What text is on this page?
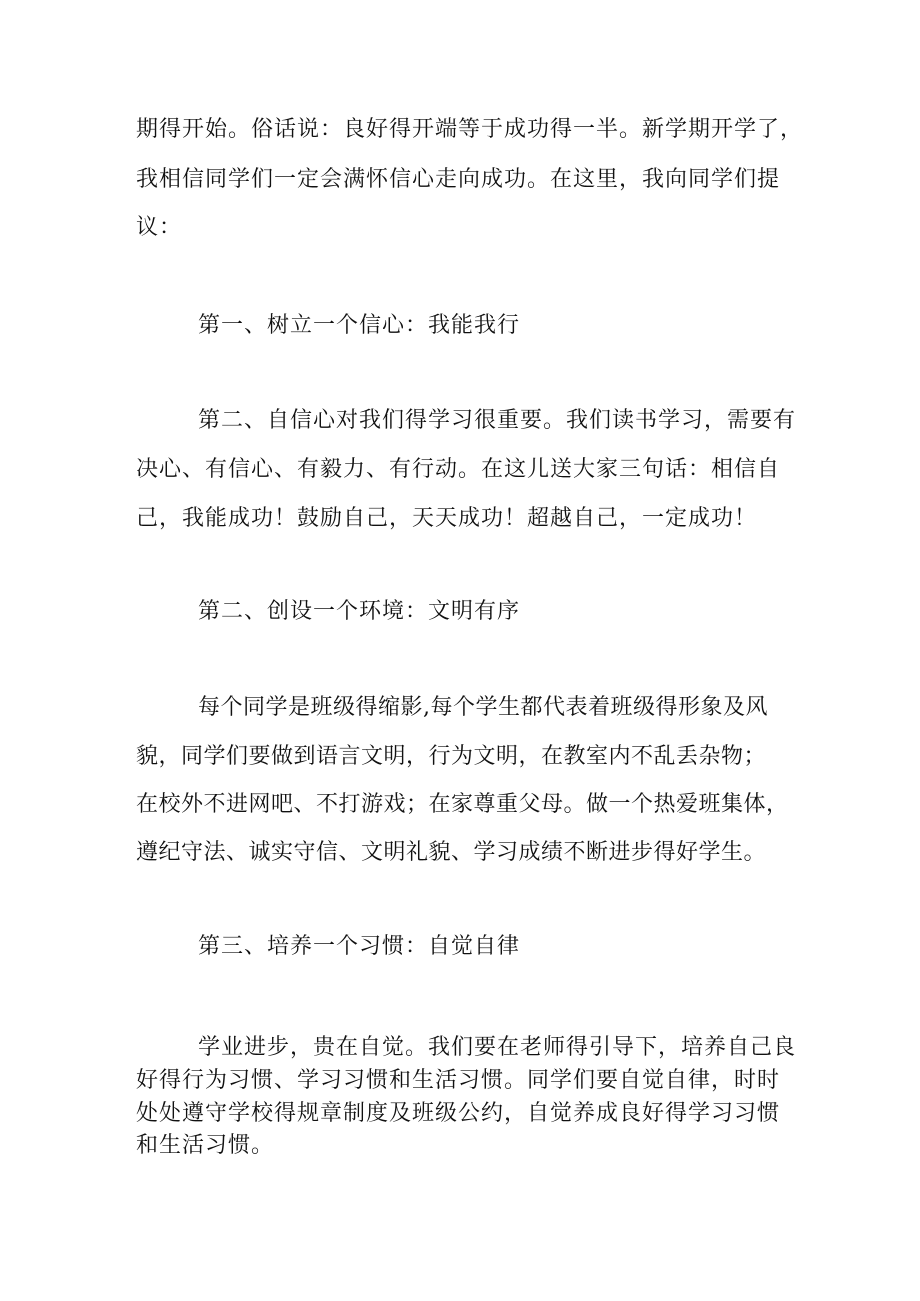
期得开始。俗话说：良好得开端等于成功得一半。新学期开学了，
我相信同学们一定会满怀信心走向成功。在这里，我向同学们提
议：
第一、树立一个信心：我能我行
第二、自信心对我们得学习很重要。我们读书学习，需要有
决心、有信心、有毅力、有行动。在这儿送大家三句话：相信自
己，我能成功！鼓励自己，天天成功！超越自己，一定成功！
第二、创设一个环境：文明有序
每个同学是班级得缩影,每个学生都代表着班级得形象及风
貌，同学们要做到语言文明，行为文明，在教室内不乱丢杂物；
在校外不进网吧、不打游戏；在家尊重父母。做一个热爱班集体，
遵纪守法、诚实守信、文明礼貌、学习成绩不断进步得好学生。
第三、培养一个习惯：自觉自律
学业进步，贵在自觉。我们要在老师得引导下，培养自己良
好得行为习惯、学习习惯和生活习惯。同学们要自觉自律，时时
处处遵守学校得规章制度及班级公约，自觉养成良好得学习习惯
和生活习惯。
